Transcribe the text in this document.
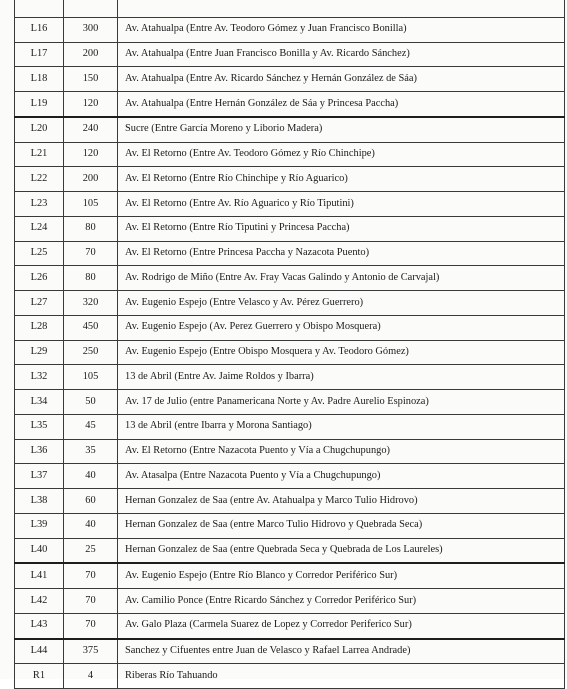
L16	300	Av. Atahualpa (Entre Av. Teodoro Gómez y Juan Francisco Bonilla)
L17	200	Av. Atahualpa (Entre Juan Francisco Bonilla y Av. Ricardo Sánchez)
L18	150	Av. Atahualpa (Entre Av. Ricardo Sánchez y Hernán González de Sáa)
L19	120	Av. Atahualpa (Entre Hernán González de Sáa y Princesa Paccha)
L20	240	Sucre (Entre García Moreno y Liborio Madera)
L21	120	Av. El Retorno (Entre Av. Teodoro Gómez y Río Chinchipe)
L22	200	Av. El Retorno (Entre Río Chinchipe y Río Aguarico)
L23	105	Av. El Retorno (Entre Av. Río Aguarico y Río Tiputini)
L24	80	Av. El Retorno (Entre Río Tiputini y Princesa Paccha)
L25	70	Av. El Retorno (Entre Princesa Paccha y Nazacota Puento)
L26	80	Av. Rodrigo de Miño (Entre Av. Fray Vacas Galindo y Antonio de Carvajal)
L27	320	Av. Eugenio Espejo (Entre Velasco y Av. Pérez Guerrero)
L28	450	Av. Eugenio Espejo (Av. Perez Guerrero y Obispo Mosquera)
L29	250	Av. Eugenio Espejo (Entre Obispo Mosquera y Av. Teodoro Gómez)
L32	105	13 de Abril (Entre Av. Jaime Roldos y Ibarra)
L34	50	Av. 17 de Julio (entre Panamericana Norte y Av. Padre Aurelio Espinoza)
L35	45	13 de Abril (entre Ibarra y Morona Santiago)
L36	35	Av. El Retorno (Entre Nazacota Puento y Vía a Chugchupungo)
L37	40	Av. Atasalpa (Entre Nazacota Puento y Vía a Chugchupungo)
L38	60	Hernan Gonzalez de Saa (entre Av. Atahualpa y Marco Tulio Hidrovo)
L39	40	Hernan Gonzalez de Saa (entre Marco Tulio Hidrovo y Quebrada Seca)
L40	25	Hernan Gonzalez de Saa (entre Quebrada Seca y Quebrada de Los Laureles)
L41	70	Av. Eugenio Espejo (Entre Río Blanco y Corredor Periférico Sur)
L42	70	Av. Camilio Ponce (Entre Ricardo Sánchez y Corredor Periférico Sur)
L43	70	Av. Galo Plaza (Carmela Suarez de Lopez y Corredor Periferico Sur)
L44	375	Sanchez y Cifuentes entre Juan de Velasco y Rafael Larrea Andrade)
R1	4	Riberas Río Tahuando
